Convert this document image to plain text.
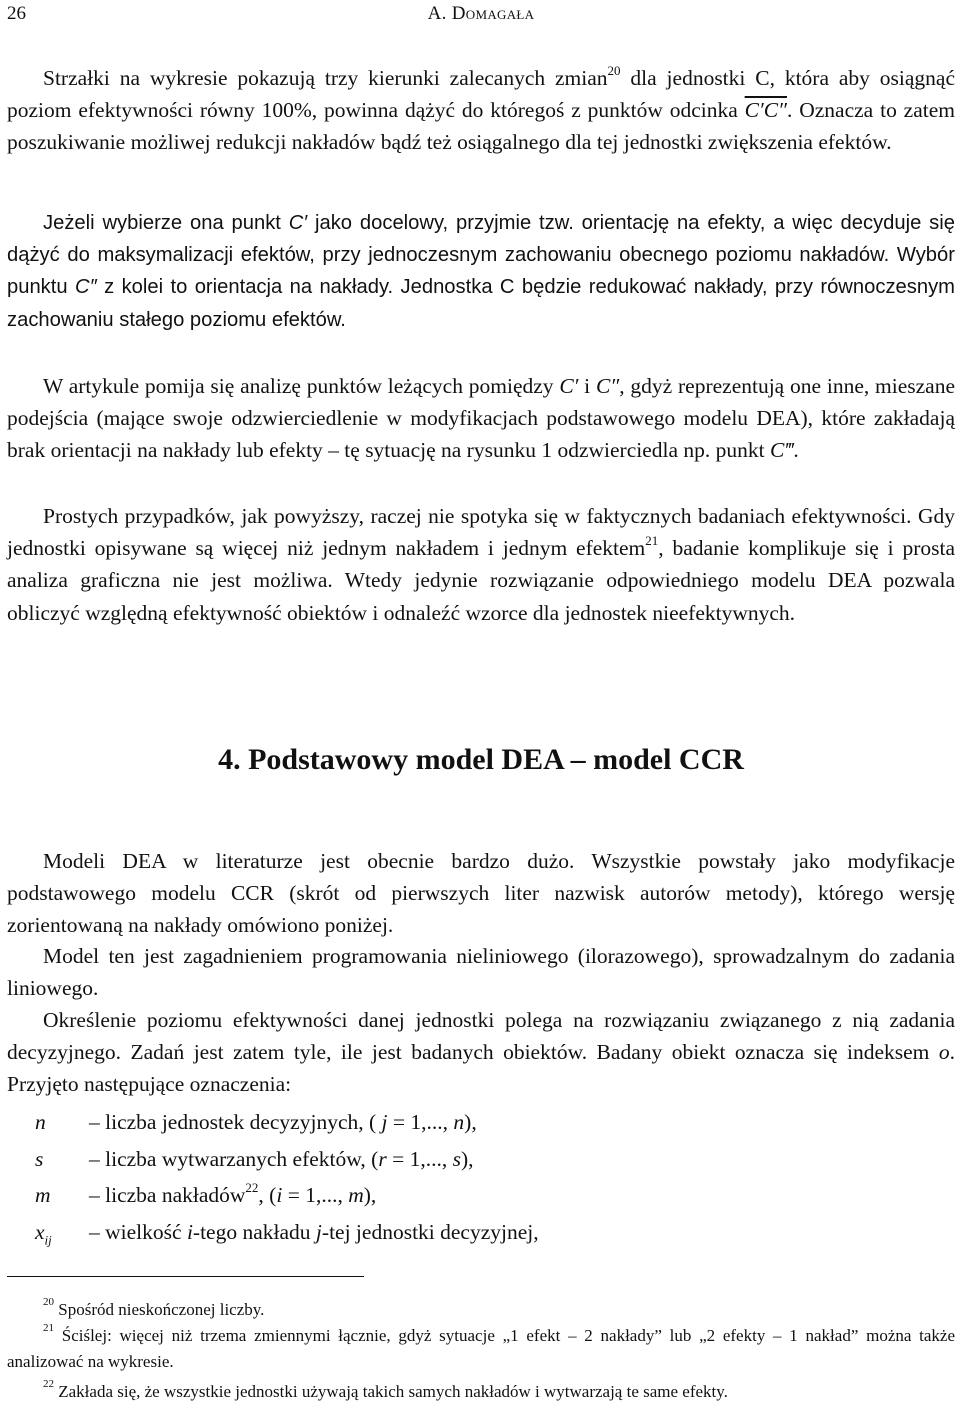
26	A. Domagała

Strzałki na wykresie pokazują trzy kierunki zalecanych zmian$^{20}$ dla jednostki C, która aby osiągnąć poziom efektywności równy 100%, powinna dążyć do któregoś z punktów odcinka C′C″. Oznacza to zatem poszukiwanie możliwej redukcji nakładów bądź też osiągalnego dla tej jednostki zwiększenia efektów.

Jeżeli wybierze ona punkt C′ jako docelowy, przyjmie tzw. orientację na efekty, a więc decyduje się dążyć do maksymalizacji efektów, przy jednoczesnym zachowaniu obecnego poziomu nakładów. Wybór punktu C″ z kolei to orientacja na nakłady. Jednostka C będzie redukować nakłady, przy równoczesnym zachowaniu stałego poziomu efektów.

W artykule pomija się analizę punktów leżących pomiędzy C′ i C″, gdyż reprezentują one inne, mieszane podejścia (mające swoje odzwierciedlenie w modyfikacjach podstawowego modelu DEA), które zakładają brak orientacji na nakłady lub efekty – tę sytuację na rysunku 1 odzwierciedla np. punkt C‴.

Prostych przypadków, jak powyższy, raczej nie spotyka się w faktycznych badaniach efektywności. Gdy jednostki opisywane są więcej niż jednym nakładem i jednym efektem$^{21}$, badanie komplikuje się i prosta analiza graficzna nie jest możliwa. Wtedy jedynie rozwiązanie odpowiedniego modelu DEA pozwala obliczyć względną efektywność obiektów i odnaleźć wzorce dla jednostek nieefektywnych.

4. Podstawowy model DEA – model CCR

Modeli DEA w literaturze jest obecnie bardzo dużo. Wszystkie powstały jako modyfikacje podstawowego modelu CCR (skrót od pierwszych liter nazwisk autorów metody), którego wersję zorientowaną na nakłady omówiono poniżej.

Model ten jest zagadnieniem programowania nieliniowego (ilorazowego), sprowadzalnym do zadania liniowego.

Określenie poziomu efektywności danej jednostki polega na rozwiązaniu związanego z nią zadania decyzyjnego. Zadań jest zatem tyle, ile jest badanych obiektów. Badany obiekt oznacza się indeksem o. Przyjęto następujące oznaczenia:

n – liczba jednostek decyzyjnych, ( j = 1,..., n),
s – liczba wytwarzanych efektów, (r = 1,..., s),
m – liczba nakładów$^{22}$, (i = 1,..., m),
$x_{ij}$ – wielkość i-tego nakładu j-tej jednostki decyzyjnej,

$^{20}$ Spośród nieskończonej liczby.

$^{21}$ Ściślej: więcej niż trzema zmiennymi łącznie, gdyż sytuacje „1 efekt – 2 nakłady” lub „2 efekty – 1 nakład” można także analizować na wykresie.

$^{22}$ Zakłada się, że wszystkie jednostki używają takich samych nakładów i wytwarzają te same efekty.
